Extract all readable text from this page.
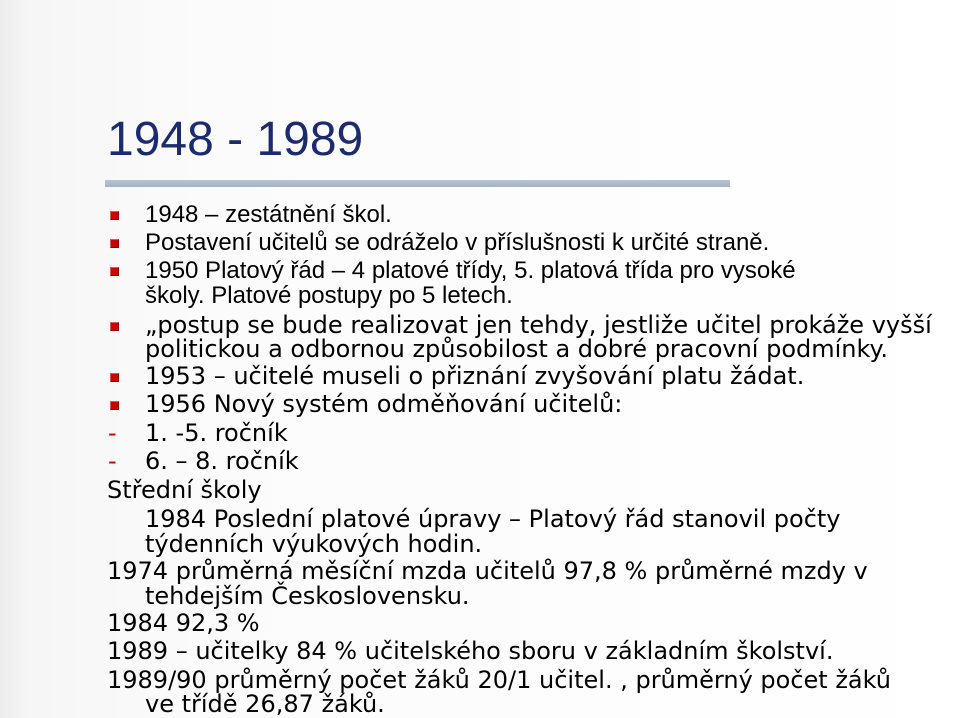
1948 - 1989
1948 – zestátnění škol.
Postavení učitelů se odráželo v příslušnosti k určité straně.
1950 Platový řád – 4 platové třídy, 5. platová třída pro vysoké
školy. Platové postupy po 5 letech.
„postup se bude realizovat jen tehdy, jestliže učitel prokáže vyšší
politickou a odbornou způsobilost a dobré pracovní podmínky.
1953 – učitelé museli o přiznání zvyšování platu žádat.
1956 Nový systém odměňování učitelů:
- 1. -5. ročník
- 6. – 8. ročník
Střední školy
1984 Poslední platové úpravy – Platový řád stanovil počty
týdenních výukových hodin.
1974 průměrná měsíční mzda učitelů 97,8 % průměrné mzdy v
tehdejším Československu.
1984 92,3 %
1989 – učitelky 84 % učitelského sboru v základním školství.
1989/90 průměrný počet žáků 20/1 učitel. , průměrný počet žáků
ve třídě 26,87 žáků.
